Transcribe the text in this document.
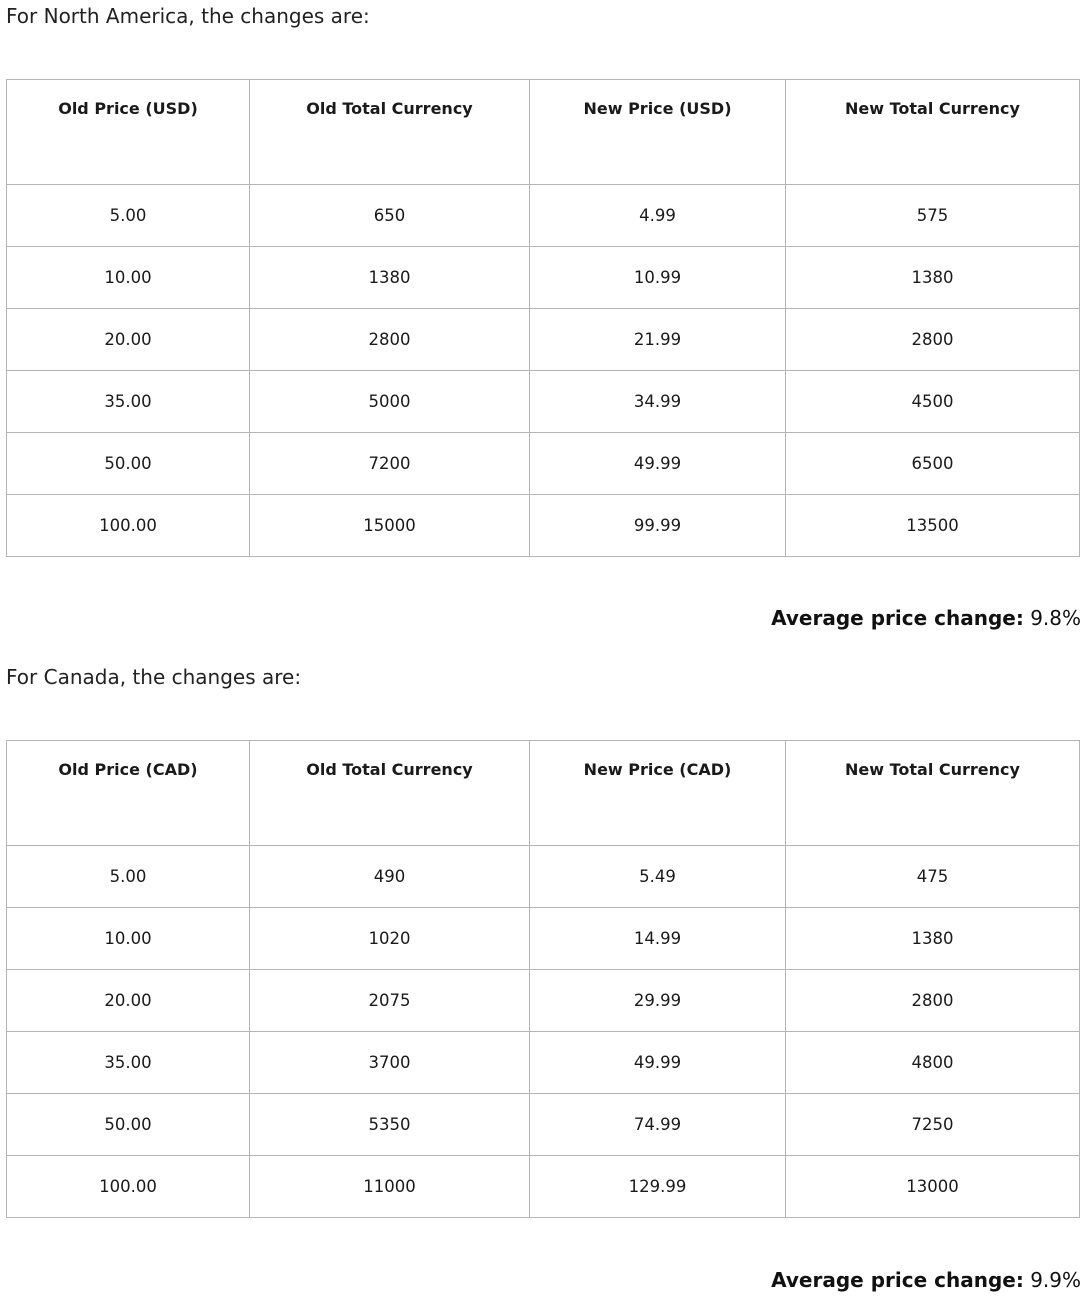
For North America, the changes are:

Old Price (USD)	Old Total Currency	New Price (USD)	New Total Currency
5.00	650	4.99	575
10.00	1380	10.99	1380
20.00	2800	21.99	2800
35.00	5000	34.99	4500
50.00	7200	49.99	6500
100.00	15000	99.99	13500

Average price change: 9.8%

For Canada, the changes are:

Old Price (CAD)	Old Total Currency	New Price (CAD)	New Total Currency
5.00	490	5.49	475
10.00	1020	14.99	1380
20.00	2075	29.99	2800
35.00	3700	49.99	4800
50.00	5350	74.99	7250
100.00	11000	129.99	13000

Average price change: 9.9%
